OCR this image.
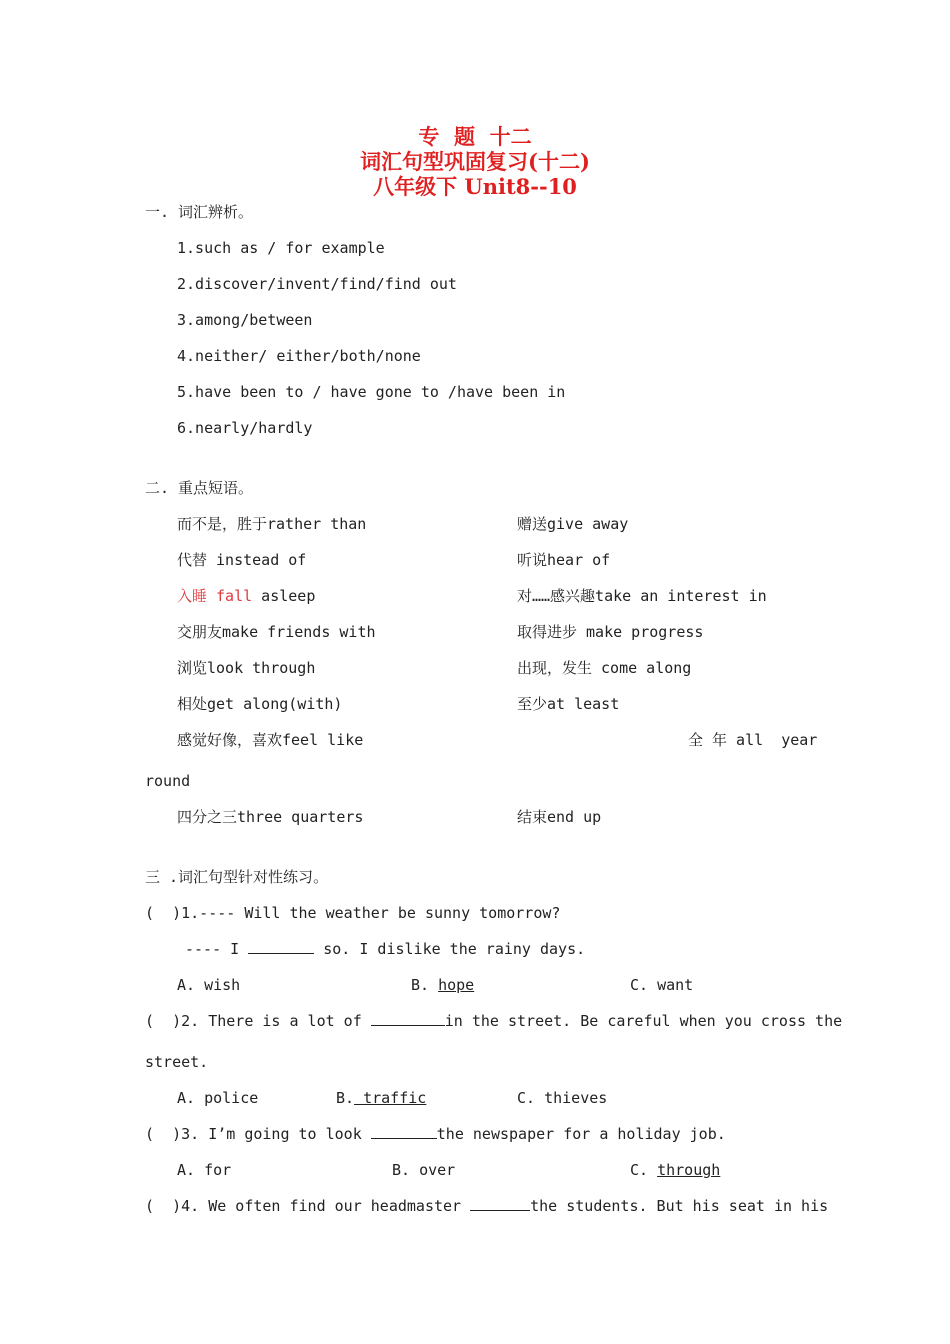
专  题  十二
词汇句型巩固复习(十二)
八年级下 Unit8--10
一. 词汇辨析。
1.such as / for example
2.discover/invent/find/find out
3.among/between
4.neither/ either/both/none
5.have been to / have gone to /have been in
6.nearly/hardly
二. 重点短语。
而不是，胜于rather than	赠送give away
代替 instead of	听说hear of
入睡 fall asleep	对……感兴趣take an interest in
交朋友make friends with	取得进步 make progress
浏览look through	出现，发生 come along
相处get along(with)	至少at least
感觉好像，喜欢feel like	全 年 all  year
round
四分之三three quarters	结束end up
三 .词汇句型针对性练习。
(  )1.---- Will the weather be sunny tomorrow?
---- I	so. I dislike the rainy days.
A. wish	B. hope	C. want
(  )2. There is a lot of	in the street. Be careful when you cross the
street.
A. police	B. traffic	C. thieves
(  )3. I’m going to look	the newspaper for a holiday job.
A. for	B. over	C. through
(  )4. We often find our headmaster	the students. But his seat in his
